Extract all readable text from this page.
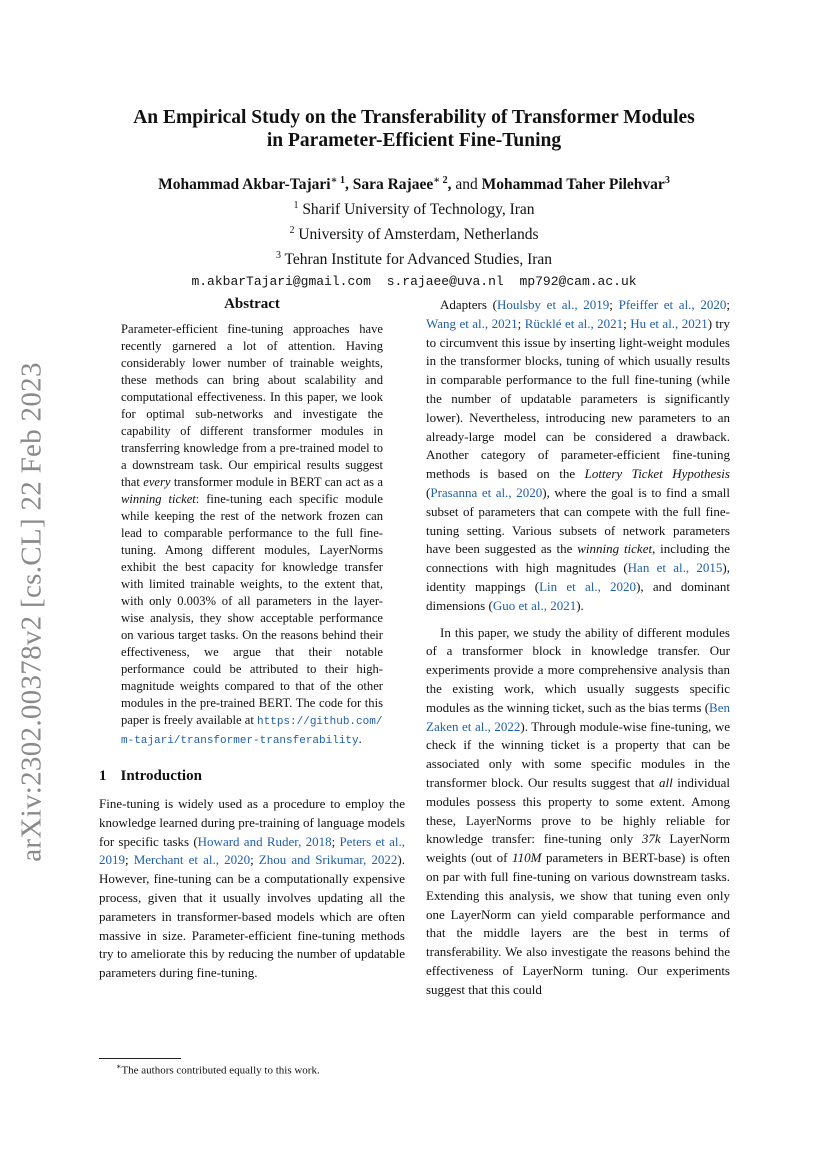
arXiv:2302.00378v2 [cs.CL] 22 Feb 2023
An Empirical Study on the Transferability of Transformer Modules
in Parameter-Efficient Fine-Tuning
Mohammad Akbar-Tajari$^{∗ 1}$, Sara Rajaee$^{∗ 2}$, and Mohammad Taher Pilehvar$^3$
$^1$ Sharif University of Technology, Iran
$^2$ University of Amsterdam, Netherlands
$^3$ Tehran Institute for Advanced Studies, Iran
m.akbarTajari@gmail.com s.rajaee@uva.nl mp792@cam.ac.uk
Abstract

Parameter-efficient fine-tuning approaches have recently garnered a lot of attention. Having considerably lower number of trainable weights, these methods can bring about scalability and computational effectiveness. In this paper, we look for optimal sub-networks and investigate the capability of different transformer modules in transferring knowledge from a pre-trained model to a downstream task. Our empirical results suggest that every transformer module in BERT can act as a winning ticket: fine-tuning each specific module while keeping the rest of the network frozen can lead to comparable performance to the full fine-tuning. Among different modules, LayerNorms exhibit the best capacity for knowledge transfer with limited trainable weights, to the extent that, with only 0.003% of all parameters in the layer-wise analysis, they show acceptable performance on various target tasks. On the reasons behind their effectiveness, we argue that their notable performance could be attributed to their high-magnitude weights compared to that of the other modules in the pre-trained BERT. The code for this paper is freely available at https://github.com/
m-tajari/transformer-transferability.

1 Introduction

Fine-tuning is widely used as a procedure to employ the knowledge learned during pre-training of language models for specific tasks (Howard and Ruder, 2018; Peters et al., 2019; Merchant et al., 2020; Zhou and Srikumar, 2022). However, fine-tuning can be a computationally expensive process, given that it usually involves updating all the parameters in transformer-based models which are often massive in size. Parameter-efficient fine-tuning methods try to ameliorate this by reducing the number of updatable parameters during fine-tuning.

Adapters (Houlsby et al., 2019; Pfeiffer et al., 2020; Wang et al., 2021; Rücklé et al., 2021; Hu et al., 2021) try to circumvent this issue by inserting light-weight modules in the transformer blocks, tuning of which usually results in comparable performance to the full fine-tuning (while the number of updatable parameters is significantly lower). Nevertheless, introducing new parameters to an already-large model can be considered a drawback. Another category of parameter-efficient fine-tuning methods is based on the Lottery Ticket Hypothesis (Prasanna et al., 2020), where the goal is to find a small subset of parameters that can compete with the full fine-tuning setting. Various subsets of network parameters have been suggested as the winning ticket, including the connections with high magnitudes (Han et al., 2015), identity mappings (Lin et al., 2020), and dominant dimensions (Guo et al., 2021).

In this paper, we study the ability of different modules of a transformer block in knowledge transfer. Our experiments provide a more comprehensive analysis than the existing work, which usually suggests specific modules as the winning ticket, such as the bias terms (Ben Zaken et al., 2022). Through module-wise fine-tuning, we check if the winning ticket is a property that can be associated only with some specific modules in the transformer block. Our results suggest that all individual modules possess this property to some extent. Among these, LayerNorms prove to be highly reliable for knowledge transfer: fine-tuning only 37k LayerNorm weights (out of 110M parameters in BERT-base) is often on par with full fine-tuning on various downstream tasks. Extending this analysis, we show that tuning even only one LayerNorm can yield comparable performance and that the middle layers are the best in terms of transferability. We also investigate the reasons behind the effectiveness of LayerNorm tuning. Our experiments suggest that this could

∗The authors contributed equally to this work.
